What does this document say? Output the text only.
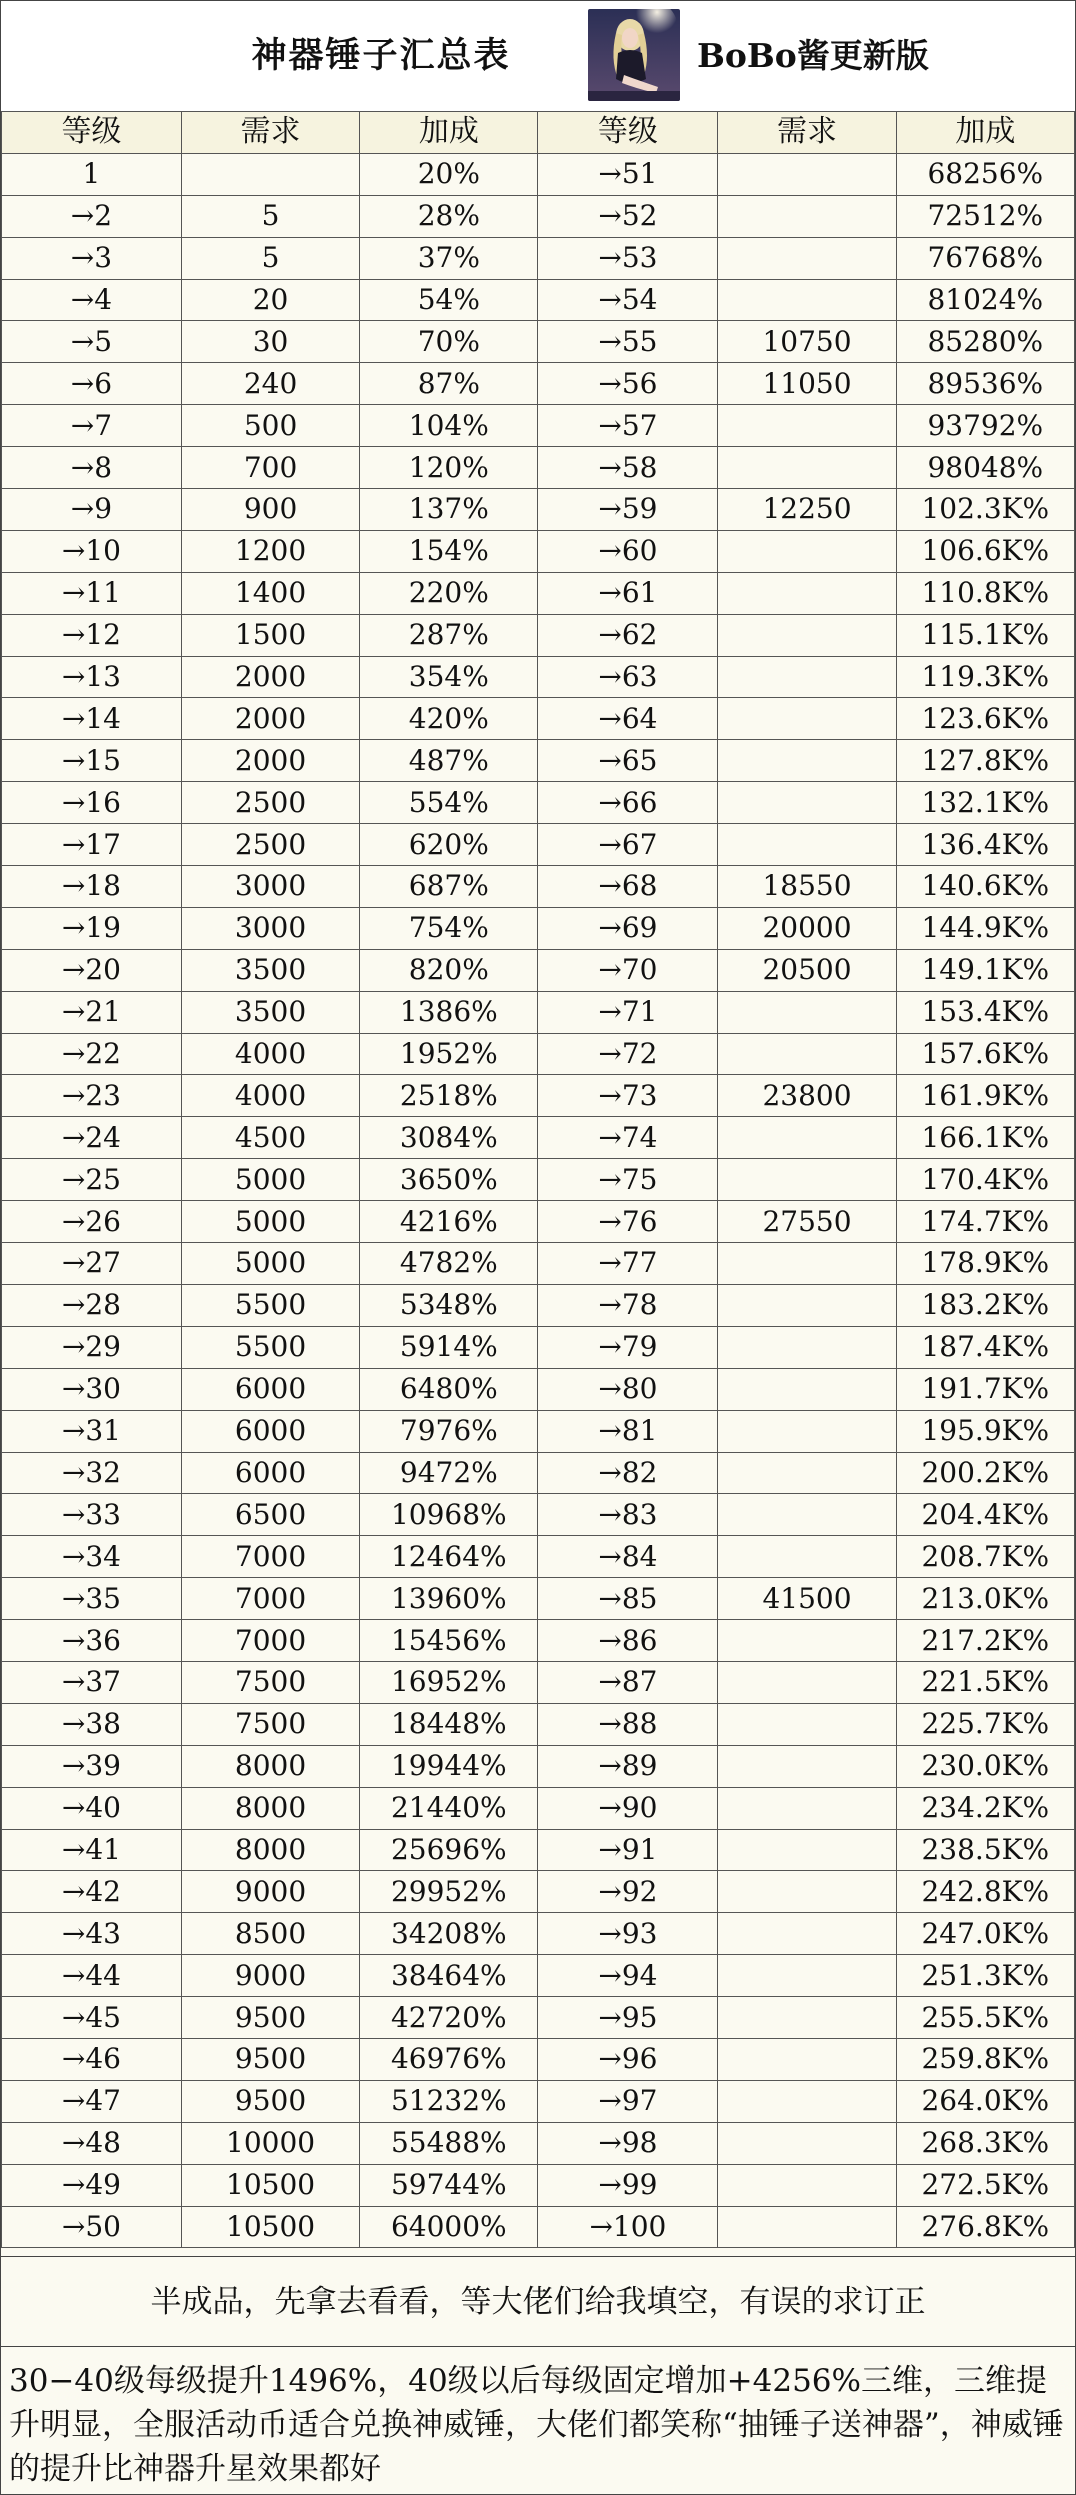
神器锤子汇总表	BoBo酱更新版
等级	需求	加成	等级	需求	加成
1		20%	→51		68256%
→2	5	28%	→52		72512%
→3	5	37%	→53		76768%
→4	20	54%	→54		81024%
→5	30	70%	→55	10750	85280%
→6	240	87%	→56	11050	89536%
→7	500	104%	→57		93792%
→8	700	120%	→58		98048%
→9	900	137%	→59	12250	102.3K%
→10	1200	154%	→60		106.6K%
→11	1400	220%	→61		110.8K%
→12	1500	287%	→62		115.1K%
→13	2000	354%	→63		119.3K%
→14	2000	420%	→64		123.6K%
→15	2000	487%	→65		127.8K%
→16	2500	554%	→66		132.1K%
→17	2500	620%	→67		136.4K%
→18	3000	687%	→68	18550	140.6K%
→19	3000	754%	→69	20000	144.9K%
→20	3500	820%	→70	20500	149.1K%
→21	3500	1386%	→71		153.4K%
→22	4000	1952%	→72		157.6K%
→23	4000	2518%	→73	23800	161.9K%
→24	4500	3084%	→74		166.1K%
→25	5000	3650%	→75		170.4K%
→26	5000	4216%	→76	27550	174.7K%
→27	5000	4782%	→77		178.9K%
→28	5500	5348%	→78		183.2K%
→29	5500	5914%	→79		187.4K%
→30	6000	6480%	→80		191.7K%
→31	6000	7976%	→81		195.9K%
→32	6000	9472%	→82		200.2K%
→33	6500	10968%	→83		204.4K%
→34	7000	12464%	→84		208.7K%
→35	7000	13960%	→85	41500	213.0K%
→36	7000	15456%	→86		217.2K%
→37	7500	16952%	→87		221.5K%
→38	7500	18448%	→88		225.7K%
→39	8000	19944%	→89		230.0K%
→40	8000	21440%	→90		234.2K%
→41	8000	25696%	→91		238.5K%
→42	9000	29952%	→92		242.8K%
→43	8500	34208%	→93		247.0K%
→44	9000	38464%	→94		251.3K%
→45	9500	42720%	→95		255.5K%
→46	9500	46976%	→96		259.8K%
→47	9500	51232%	→97		264.0K%
→48	10000	55488%	→98		268.3K%
→49	10500	59744%	→99		272.5K%
→50	10500	64000%	→100		276.8K%
半成品，先拿去看看，等大佬们给我填空，有误的求订正
30−40级每级提升1496%，40级以后每级固定增加+4256%三维，三维提升明显，全服活动币适合兑换神威锤，大佬们都笑称“抽锤子送神器”，神威锤的提升比神器升星效果都好
